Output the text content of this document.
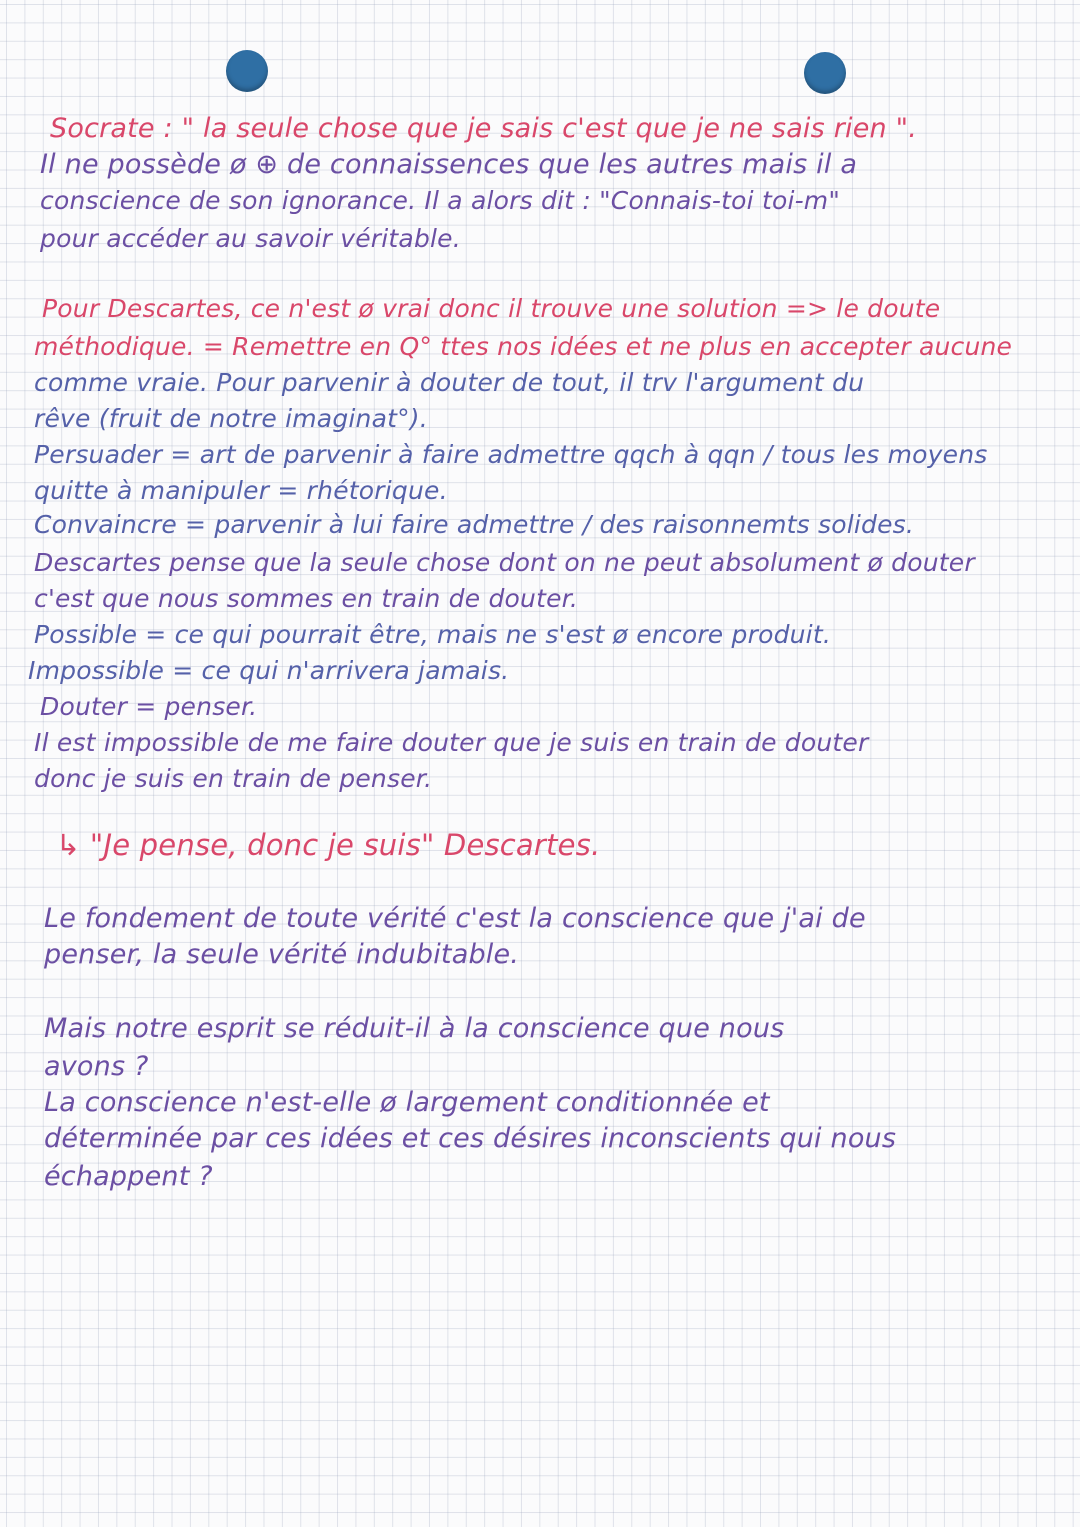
Socrate : " la seule chose que je sais c'est que je ne sais rien ".
Il ne possède ø ⊕ de connaissences que les autres mais il a
conscience de son ignorance. Il a alors dit : "Connais-toi toi-m"
pour accéder au savoir véritable.
Pour Descartes, ce n'est ø vrai donc il trouve une solution => le doute
méthodique. = Remettre en Q° ttes nos idées et ne plus en accepter aucune
comme vraie. Pour parvenir à douter de tout, il trv l'argument du
rêve (fruit de notre imaginat°).
Persuader = art de parvenir à faire admettre qqch à qqn / tous les moyens
quitte à manipuler = rhétorique.
Convaincre = parvenir à lui faire admettre / des raisonnemts solides.
Descartes pense que la seule chose dont on ne peut absolument ø douter
c'est que nous sommes en train de douter.
Possible = ce qui pourrait être, mais ne s'est ø encore produit.
Impossible = ce qui n'arrivera jamais.
Douter = penser.
Il est impossible de me faire douter que je suis en train de douter
donc je suis en train de penser.
↳ "Je pense, donc je suis" Descartes.
Le fondement de toute vérité c'est la conscience que j'ai de
penser, la seule vérité indubitable.
Mais notre esprit se réduit-il à la conscience que nous
avons ?
La conscience n'est-elle ø largement conditionnée et
déterminée par ces idées et ces désires inconscients qui nous
échappent ?
